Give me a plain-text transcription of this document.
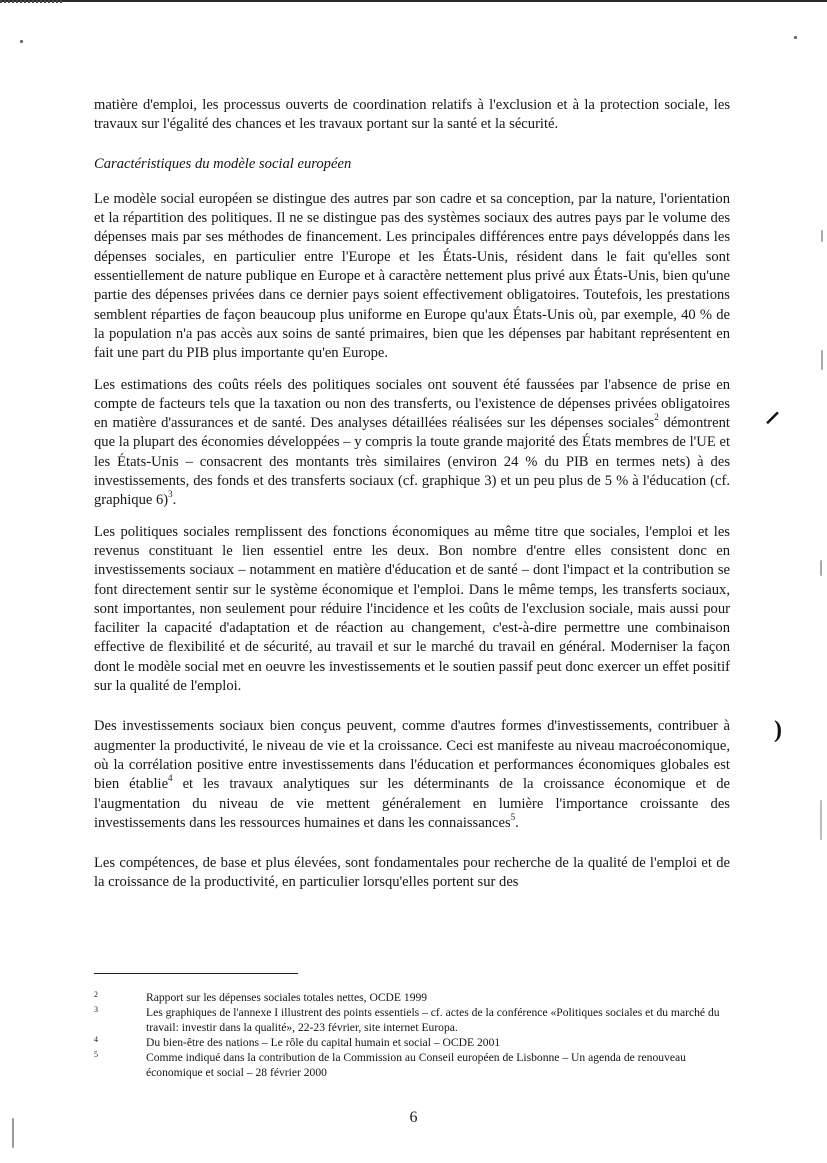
⸝
)

matière d'emploi, les processus ouverts de coordination relatifs à l'exclusion et à la protection sociale, les travaux sur l'égalité des chances et les travaux portant sur la santé et la sécurité.

Caractéristiques du modèle social européen

Le modèle social européen se distingue des autres par son cadre et sa conception, par la nature, l'orientation et la répartition des politiques. Il ne se distingue pas des systèmes sociaux des autres pays par le volume des dépenses mais par ses méthodes de financement. Les principales différences entre pays développés dans les dépenses sociales, en particulier entre l'Europe et les États-Unis, résident dans le fait qu'elles sont essentiellement de nature publique en Europe et à caractère nettement plus privé aux États-Unis, bien qu'une partie des dépenses privées dans ce dernier pays soient effectivement obligatoires. Toutefois, les prestations semblent réparties de façon beaucoup plus uniforme en Europe qu'aux États-Unis où, par exemple, 40 % de la population n'a pas accès aux soins de santé primaires, bien que les dépenses par habitant représentent en fait une part du PIB plus importante qu'en Europe.

Les estimations des coûts réels des politiques sociales ont souvent été faussées par l'absence de prise en compte de facteurs tels que la taxation ou non des transferts, ou l'existence de dépenses privées obligatoires en matière d'assurances et de santé. Des analyses détaillées réalisées sur les dépenses sociales$^2$ démontrent que la plupart des économies développées – y compris la toute grande majorité des États membres de l'UE et les États-Unis – consacrent des montants très similaires (environ 24 % du PIB en termes nets) à des investissements, des fonds et des transferts sociaux (cf. graphique 3) et un peu plus de 5 % à l'éducation (cf. graphique 6)$^3$.

Les politiques sociales remplissent des fonctions économiques au même titre que sociales, l'emploi et les revenus constituant le lien essentiel entre les deux. Bon nombre d'entre elles consistent donc en investissements sociaux – notamment en matière d'éducation et de santé – dont l'impact et la contribution se font directement sentir sur le système économique et l'emploi. Dans le même temps, les transferts sociaux, sont importantes, non seulement pour réduire l'incidence et les coûts de l'exclusion sociale, mais aussi pour faciliter la capacité d'adaptation et de réaction au changement, c'est-à-dire permettre une combinaison effective de flexibilité et de sécurité, au travail et sur le marché du travail en général. Moderniser la façon dont le modèle social met en oeuvre les investissements et le soutien passif peut donc exercer un effet positif sur la qualité de l'emploi.

Des investissements sociaux bien conçus peuvent, comme d'autres formes d'investissements, contribuer à augmenter la productivité, le niveau de vie et la croissance. Ceci est manifeste au niveau macroéconomique, où la corrélation positive entre investissements dans l'éducation et performances économiques globales est bien établie$^4$ et les travaux analytiques sur les déterminants de la croissance économique et de l'augmentation du niveau de vie mettent généralement en lumière l'importance croissante des investissements dans les ressources humaines et dans les connaissances$^5$.

Les compétences, de base et plus élevées, sont fondamentales pour recherche de la qualité de l'emploi et de la croissance de la productivité, en particulier lorsqu'elles portent sur des

2	Rapport sur les dépenses sociales totales nettes, OCDE 1999
3	Les graphiques de l'annexe I illustrent des points essentiels – cf. actes de la conférence «Politiques sociales et du marché du travail: investir dans la qualité», 22-23 février, site internet Europa.
4	Du bien-être des nations – Le rôle du capital humain et social – OCDE 2001
5	Comme indiqué dans la contribution de la Commission au Conseil européen de Lisbonne – Un agenda de renouveau économique et social – 28 février 2000
6
